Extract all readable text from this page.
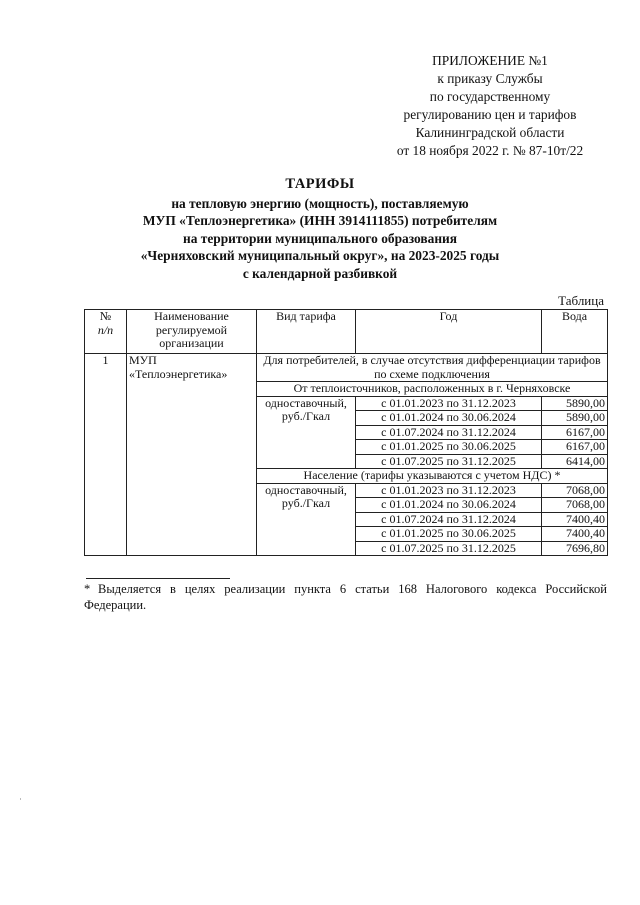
ПРИЛОЖЕНИЕ №1
к приказу Службы
по государственному
регулированию цен и тарифов
Калининградской области
от 18 ноября 2022 г. № 87-10т/22
ТАРИФЫ
на тепловую энергию (мощность), поставляемую
МУП «Теплоэнергетика» (ИНН 3914111855) потребителям
на территории муниципального образования
«Черняховский муниципальный округ», на 2023-2025 годы
с календарной разбивкой
Таблица
№
п/п	Наименование регулируемой организации	Вид тарифа	Год	Вода
1	МУП «Теплоэнергетика»	Для потребителей, в случае отсутствия дифференциации тарифов по схеме подключения		
		От теплоисточников, расположенных в г. Черняховске		
		одноставочный, руб./Гкал	с 01.01.2023 по 31.12.2023	5890,00
			с 01.01.2024 по 30.06.2024	5890,00
			с 01.07.2024 по 31.12.2024	6167,00
			с 01.01.2025 по 30.06.2025	6167,00
			с 01.07.2025 по 31.12.2025	6414,00
		Население (тарифы указываются с учетом НДС) *		
		одноставочный, руб./Гкал	с 01.01.2023 по 31.12.2023	7068,00
			с 01.01.2024 по 30.06.2024	7068,00
			с 01.07.2024 по 31.12.2024	7400,40
			с 01.01.2025 по 30.06.2025	7400,40
			с 01.07.2025 по 31.12.2025	7696,80
* Выделяется в целях реализации пункта 6 статьи 168 Налогового кодекса Российской Федерации.
